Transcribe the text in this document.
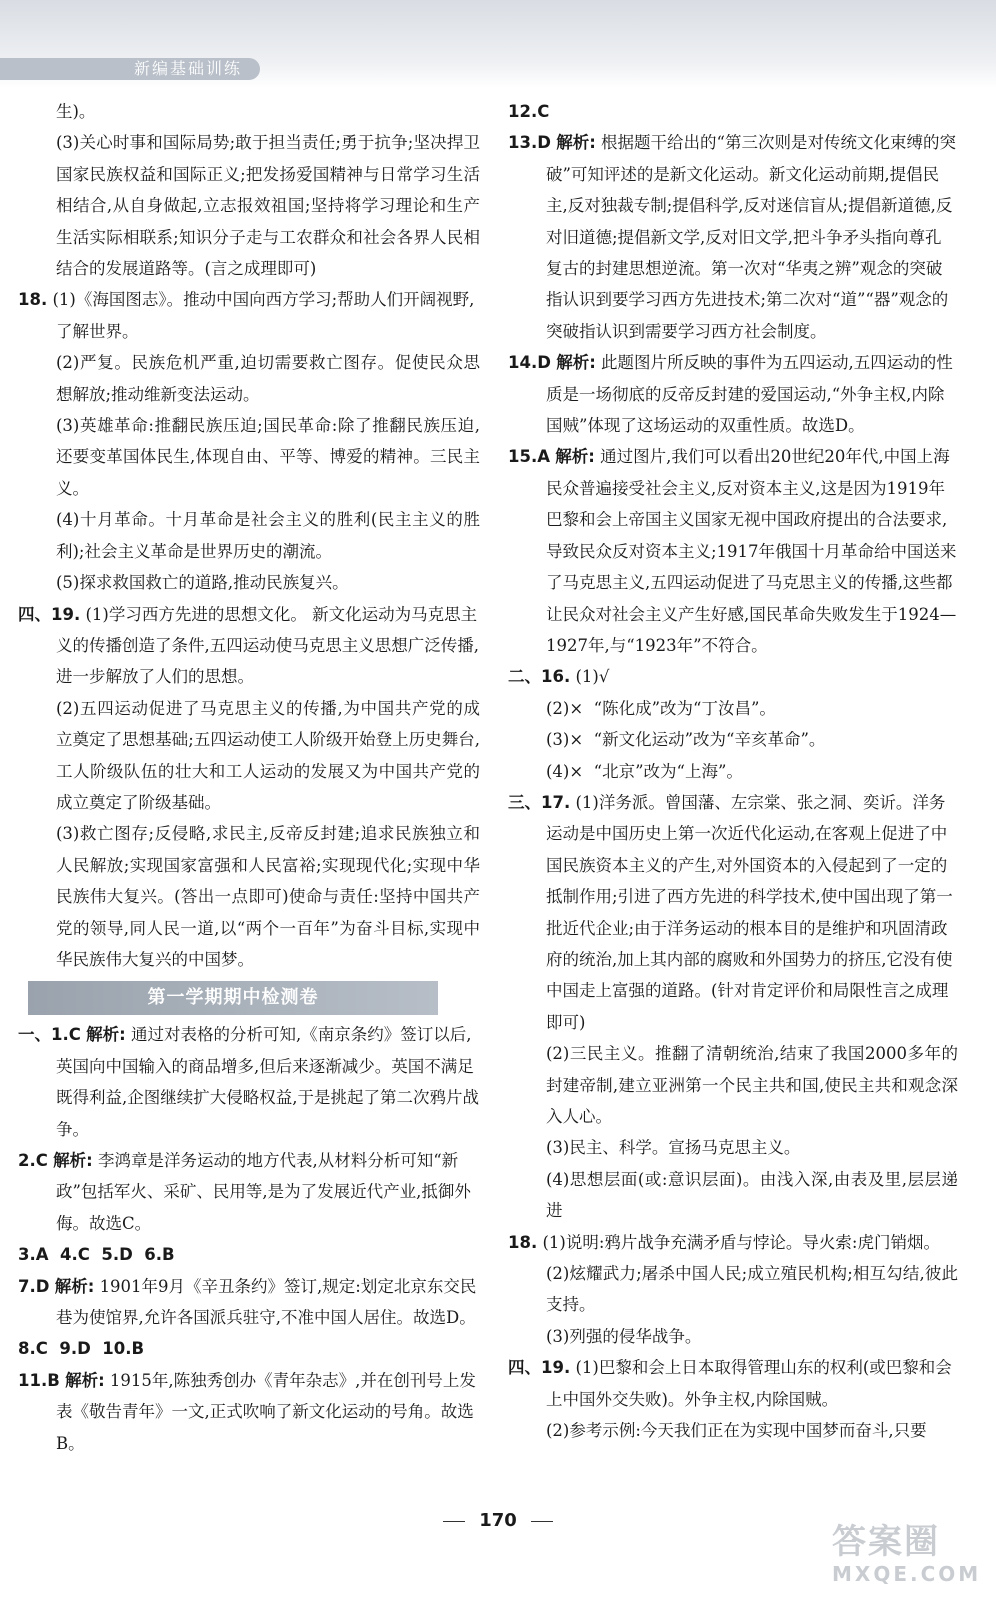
新编基础训练

生)。

(3)关心时事和国际局势;敢于担当责任;勇于抗争;坚决捍卫国家民族权益和国际正义;把发扬爱国精神与日常学习生活相结合,从自身做起,立志报效祖国;坚持将学习理论和生产生活实际相联系;知识分子走与工农群众和社会各界人民相结合的发展道路等。(言之成理即可)

18. (1)《海国图志》。推动中国向西方学习;帮助人们开阔视野,了解世界。

(2)严复。民族危机严重,迫切需要救亡图存。促使民众思想解放;推动维新变法运动。

(3)英雄革命:推翻民族压迫;国民革命:除了推翻民族压迫,还要变革国体民生,体现自由、平等、博爱的精神。三民主义。

(4)十月革命。十月革命是社会主义的胜利(民主主义的胜利);社会主义革命是世界历史的潮流。

(5)探求救国救亡的道路,推动民族复兴。

四、19. (1)学习西方先进的思想文化。 新文化运动为马克思主义的传播创造了条件,五四运动使马克思主义思想广泛传播,进一步解放了人们的思想。

(2)五四运动促进了马克思主义的传播,为中国共产党的成立奠定了思想基础;五四运动使工人阶级开始登上历史舞台,工人阶级队伍的壮大和工人运动的发展又为中国共产党的成立奠定了阶级基础。

(3)救亡图存;反侵略,求民主,反帝反封建;追求民族独立和人民解放;实现国家富强和人民富裕;实现现代化;实现中华民族伟大复兴。(答出一点即可)使命与责任:坚持中国共产党的领导,同人民一道,以“两个一百年”为奋斗目标,实现中华民族伟大复兴的中国梦。

第一学期期中检测卷
一、1.C 解析: 通过对表格的分析可知,《南京条约》签订以后,英国向中国输入的商品增多,但后来逐渐减少。英国不满足既得利益,企图继续扩大侵略权益,于是挑起了第二次鸦片战争。
2.C 解析: 李鸿章是洋务运动的地方代表,从材料分析可知“新政”包括军火、采矿、民用等,是为了发展近代产业,抵御外侮。故选C。
3.A  4.C  5.D  6.B
7.D 解析: 1901年9月《辛丑条约》签订,规定:划定北京东交民巷为使馆界,允许各国派兵驻守,不准中国人居住。故选D。
8.C  9.D  10.B
11.B 解析: 1915年,陈独秀创办《青年杂志》,并在创刊号上发表《敬告青年》一文,正式吹响了新文化运动的号角。故选B。
12.C
13.D 解析: 根据题干给出的“第三次则是对传统文化束缚的突破”可知评述的是新文化运动。新文化运动前期,提倡民主,反对独裁专制;提倡科学,反对迷信盲从;提倡新道德,反对旧道德;提倡新文学,反对旧文学,把斗争矛头指向尊孔复古的封建思想逆流。第一次对“华夷之辨”观念的突破指认识到要学习西方先进技术;第二次对“道”“器”观念的突破指认识到需要学习西方社会制度。
14.D 解析: 此题图片所反映的事件为五四运动,五四运动的性质是一场彻底的反帝反封建的爱国运动,“外争主权,内除国贼”体现了这场运动的双重性质。故选D。
15.A 解析: 通过图片,我们可以看出20世纪20年代,中国上海民众普遍接受社会主义,反对资本主义,这是因为1919年巴黎和会上帝国主义国家无视中国政府提出的合法要求,导致民众反对资本主义;1917年俄国十月革命给中国送来了马克思主义,五四运动促进了马克思主义的传播,这些都让民众对社会主义产生好感,国民革命失败发生于1924—1927年,与“1923年”不符合。
二、16. (1)√

(2)×  “陈化成”改为“丁汝昌”。

(3)×  “新文化运动”改为“辛亥革命”。

(4)×  “北京”改为“上海”。

三、17. (1)洋务派。曾国藩、左宗棠、张之洞、奕䜣。洋务运动是中国历史上第一次近代化运动,在客观上促进了中国民族资本主义的产生,对外国资本的入侵起到了一定的抵制作用;引进了西方先进的科学技术,使中国出现了第一批近代企业;由于洋务运动的根本目的是维护和巩固清政府的统治,加上其内部的腐败和外国势力的挤压,它没有使中国走上富强的道路。(针对肯定评价和局限性言之成理即可)

(2)三民主义。推翻了清朝统治,结束了我国2000多年的封建帝制,建立亚洲第一个民主共和国,使民主共和观念深入人心。

(3)民主、科学。宣扬马克思主义。

(4)思想层面(或:意识层面)。由浅入深,由表及里,层层递进

18. (1)说明:鸦片战争充满矛盾与悖论。导火索:虎门销烟。

(2)炫耀武力;屠杀中国人民;成立殖民机构;相互勾结,彼此支持。

(3)列强的侵华战争。

四、19. (1)巴黎和会上日本取得管理山东的权利(或巴黎和会上中国外交失败)。外争主权,内除国贼。

(2)参考示例:今天我们正在为实现中国梦而奋斗,只要

170
答案圈
MXQE.COM
